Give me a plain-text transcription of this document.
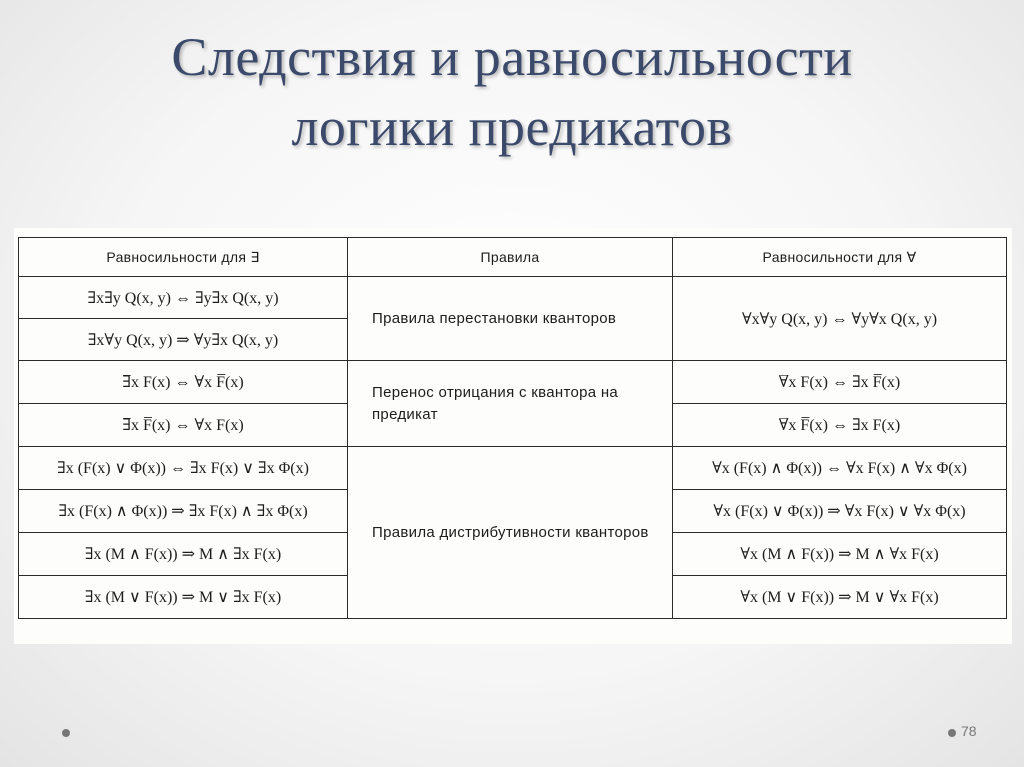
Следствия и равносильности
логики предикатов
Равносильности для ∃	Правила	Равносильности для ∀
∃x∃y Q(x, y) ⇔ ∃y∃x Q(x, y)	Правила перестановки кванторов	∀x∀y Q(x, y) ⇔ ∀y∀x Q(x, y)
∃x∀y Q(x, y) ⇒ ∀y∃x Q(x, y)		
∃̅x F(x) ⇔ ∀x F̅(x)	Перенос отрицания с квантора на предикат	∀̅x F(x) ⇔ ∃x F̅(x)
∃̅x F̅(x) ⇔ ∀x F(x)		∀̅x F̅(x) ⇔ ∃x F(x)
∃x (F(x) ∨ Φ(x)) ⇔ ∃x F(x) ∨ ∃x Φ(x)	Правила дистрибутивности кванторов	∀x (F(x) ∧ Φ(x)) ⇔ ∀x F(x) ∧ ∀x Φ(x)
∃x (F(x) ∧ Φ(x)) ⇒ ∃x F(x) ∧ ∃x Φ(x)		∀x (F(x) ∨ Φ(x)) ⇒ ∀x F(x) ∨ ∀x Φ(x)
∃x (M ∧ F(x)) ⇒ M ∧ ∃x F(x)		∀x (M ∧ F(x)) ⇒ M ∧ ∀x F(x)
∃x (M ∨ F(x)) ⇒ M ∨ ∃x F(x)		∀x (M ∨ F(x)) ⇒ M ∨ ∀x F(x)
78
